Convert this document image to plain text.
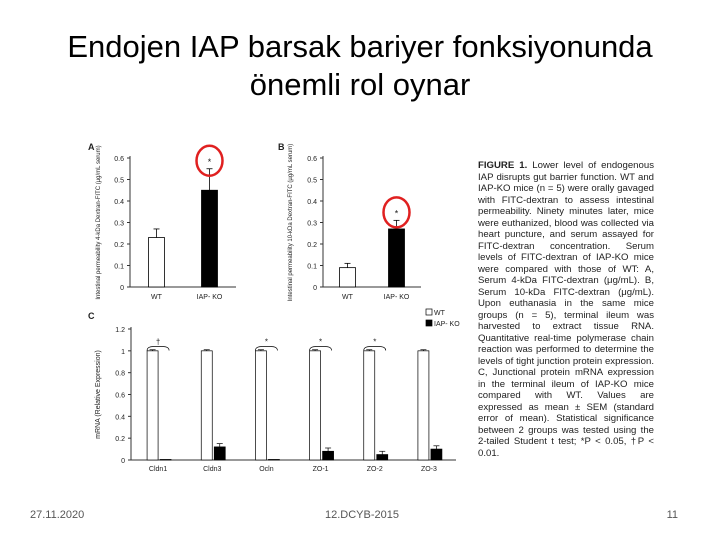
Endojen IAP barsak bariyer fonksiyonunda
önemli rol oynar
A
0
0.1
0.2
0.3
0.4
0.5
0.6
Intestinal permeability 4-kDa Dextran-FITC (µg/mL serum)	WT	IAP- KO
*
B
0
0.1
0.2
0.3
0.4
0.5
0.6
Intestinal permeability 10-kDa Dextran-FITC (µg/mL serum)	WT	IAP- KO
*
C
0
0.2
0.4
0.6
0.8
1
1.2
mRNA (Relative Expression)
Cldn1
†
Cldn3	Ocln
*
ZO-1
*
ZO-2
*
ZO-3
WT
IAP- KO
FIGURE 1. Lower level of endogenous IAP disrupts gut barrier function. WT and IAP-KO mice (n = 5) were orally gavaged with FITC-dextran to assess intestinal permeability. Ninety minutes later, mice were euthanized, blood was collected via heart puncture, and serum assayed for FITC-dextran concentration. Serum levels of FITC-dextran of IAP-KO mice were compared with those of WT: A, Serum 4-kDa FITC-dextran (μg/mL). B, Serum 10-kDa FITC-dextran (μg/mL). Upon euthanasia in the same mice groups (n = 5), terminal ileum was harvested to extract tissue RNA. Quantitative real-time polymerase chain reaction was performed to determine the levels of tight junction protein expression. C, Junctional protein mRNA expression in the terminal ileum of IAP-KO mice compared with WT. Values are expressed as mean ± SEM (standard error of mean). Statistical significance between 2 groups was tested using the 2-tailed Student t test; *P < 0.05, †P < 0.01.
27.11.2020	12.DCYB-2015	11
